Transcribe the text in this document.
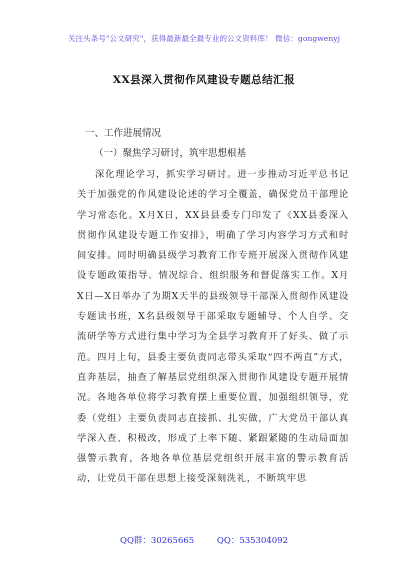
关注头条号"公文研究"，获得最新最全最专业的公文资料库！ 微信：gongwenyj
XX县深入贯彻作风建设专题总结汇报
一、工作进展情况
（一）聚焦学习研讨，筑牢思想根基
深化理论学习，抓实学习研讨。进一步推动习近平总书记关于加强党的作风建设论述的学习全覆盖，确保党员干部理论学习常态化。X月X日，XX县县委专门印发了《XX县委深入贯彻作风建设专题工作安排》，明确了学习内容学习方式和时间安排。同时明确县级学习教育工作专班开展深入贯彻作风建设专题政策指导、情况综合、组织服务和督促落实工作。X月X日—X日举办了为期X天半的县级领导干部深入贯彻作风建设专题读书班，X名县级领导干部采取专题辅导、个人自学、交流研学等方式进行集中学习为全县学习教育开了好头、做了示范。四月上旬，县委主要负责同志带头采取“四不两直”方式，直奔基层，抽查了解基层党组织深入贯彻作风建设专题开展情况。各地各单位将学习教育摆上重要位置，加强组织领导，党委（党组）主要负责同志直接抓、扎实做，广大党员干部认真学深入查、积极改，形成了上率下随、紧跟紧随的生动局面加强警示教育，各地各单位基层党组织开展丰富的警示教育活动，让党员干部在思想上接受深刻洗礼，不断筑牢思
QQ群：30265665	QQ：535304092
